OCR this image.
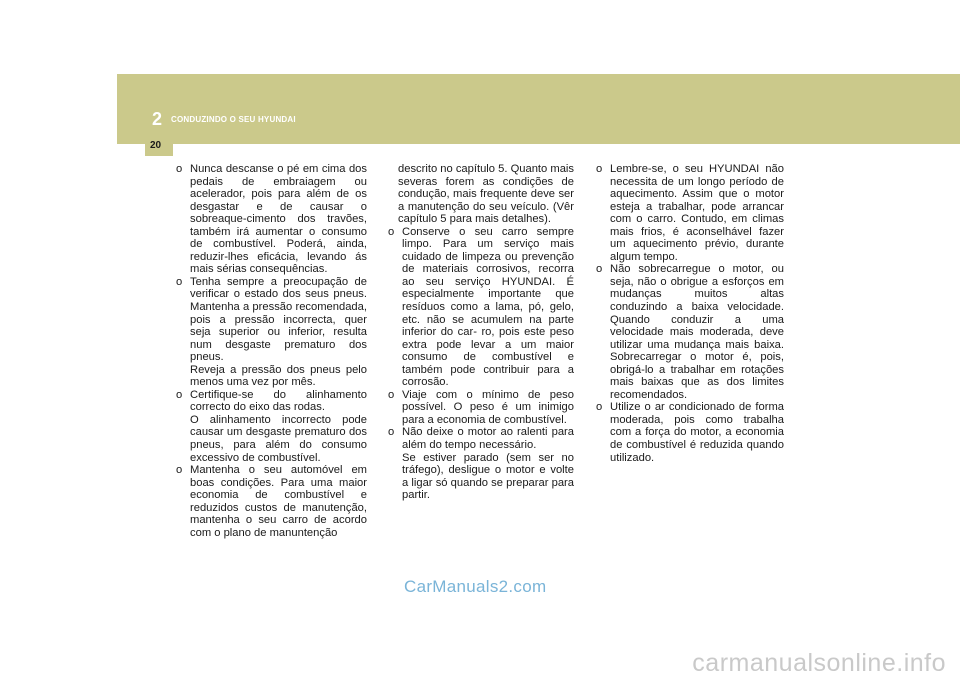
2 CONDUZINDO O SEU HYUNDAI
20

o Nunca descanse o pé em cima dos pedais de embraiagem ou acelerador, pois para além de os desgastar e de causar o sobreaque-cimento dos travões, também irá aumentar o consumo de combustível. Poderá, ainda, reduzir-lhes eficácia, levando ás mais sérias consequências.

o Tenha sempre a preocupação de verificar o estado dos seus pneus. Mantenha a pressão recomendada, pois a pressão incorrecta, quer seja superior ou inferior, resulta num desgaste prematuro dos pneus.
Reveja a pressão dos pneus pelo menos uma vez por mês.

o Certifique-se do alinhamento correcto do eixo das rodas.
O alinhamento incorrecto pode causar um desgaste prematuro dos pneus, para além do consumo excessivo de combustível.

o Mantenha o seu automóvel em boas condições. Para uma maior economia de combustível e reduzidos custos de manutenção, mantenha o seu carro de acordo com o plano de manuntenção

descrito no capítulo 5. Quanto mais severas forem as condições de condução, mais frequente deve ser a manutenção do seu veículo. (Vêr capítulo 5 para mais detalhes).

o Conserve o seu carro sempre limpo. Para um serviço mais cuidado de limpeza ou prevenção de materiais corrosivos, recorra ao seu serviço HYUNDAI. É especialmente importante que resíduos como a lama, pó, gelo, etc. não se acumulem na parte inferior do car- ro, pois este peso extra pode levar a um maior consumo de combustível e também pode contribuir para a corrosão.

o Viaje com o mínimo de peso possível. O peso é um inimigo para a economia de combustível.

o Não deixe o motor ao ralenti para além do tempo necessário.
Se estiver parado (sem ser no tráfego), desligue o motor e volte a ligar só quando se preparar para partir.

o Lembre-se, o seu HYUNDAI não necessita de um longo período de aquecimento. Assim que o motor esteja a trabalhar, pode arrancar com o carro. Contudo, em climas mais frios, é aconselhável fazer um aquecimento prévio, durante algum tempo.

o Não sobrecarregue o motor, ou seja, não o obrigue a esforços em mudanças muitos altas conduzindo a baixa velocidade. Quando conduzir a uma velocidade mais moderada, deve utilizar uma mudança mais baixa. Sobrecarregar o motor é, pois, obrigá-lo a trabalhar em rotações mais baixas que as dos limites recomendados.

o Utilize o ar condicionado de forma moderada, pois como trabalha com a força do motor, a economia de combustível é reduzida quando utilizado.

CarManuals2.com
carmanualsonline.info
